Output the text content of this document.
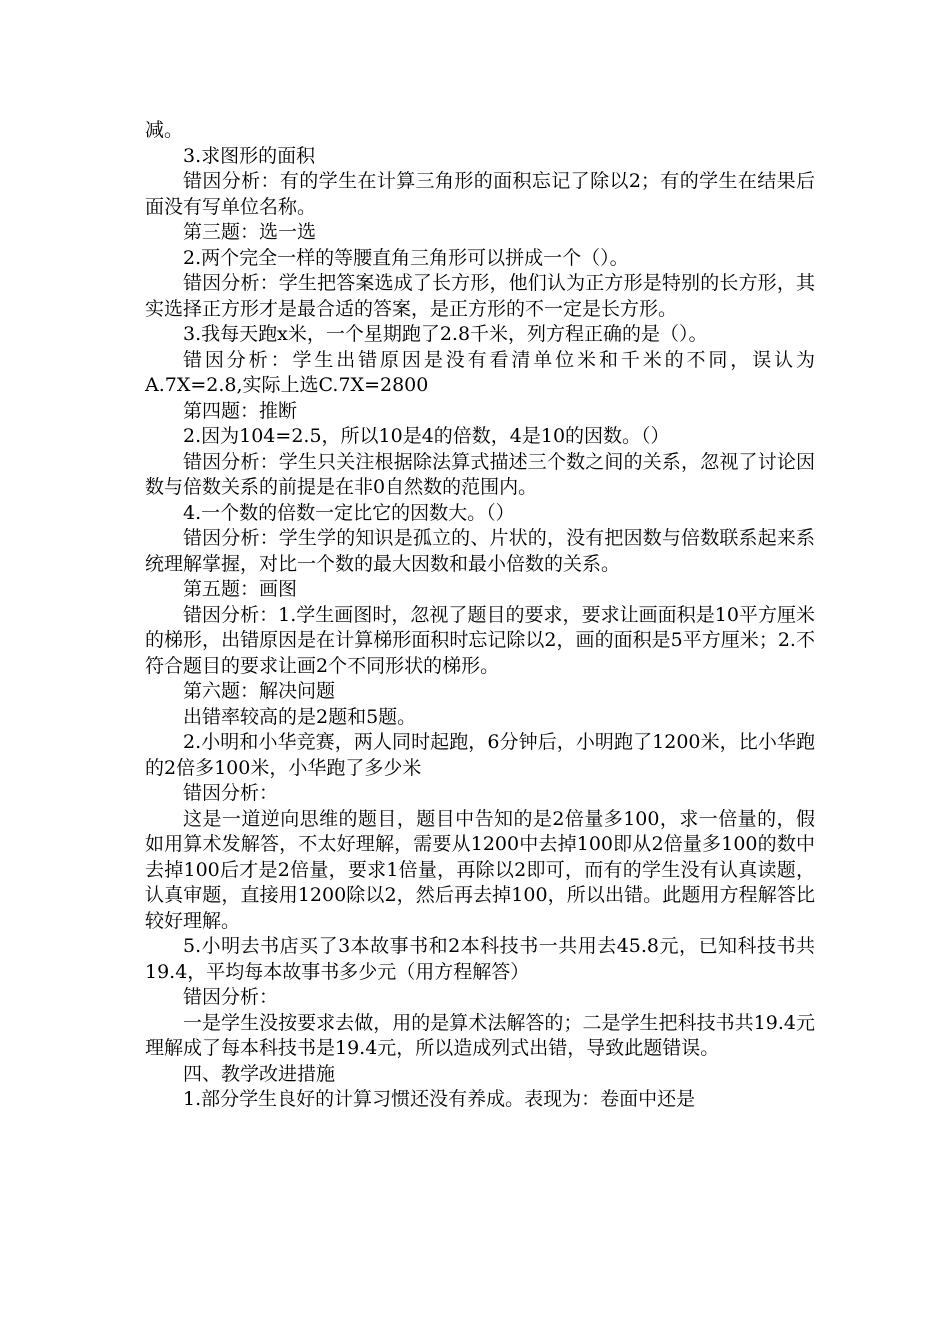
减。

3.求图形的面积

错因分析：有的学生在计算三角形的面积忘记了除以2；有的学生在结果后面没有写单位名称。

第三题：选一选

2.两个完全一样的等腰直角三角形可以拼成一个（）。

错因分析：学生把答案选成了长方形，他们认为正方形是特别的长方形，其实选择正方形才是最合适的答案，是正方形的不一定是长方形。

3.我每天跑x米，一个星期跑了2.8千米，列方程正确的是（）。

错因分析：学生出错原因是没有看清单位米和千米的不同，误认为A.7X=2.8,实际上选C.7X=2800

第四题：推断

2.因为104=2.5，所以10是4的倍数，4是10的因数。（）

错因分析：学生只关注根据除法算式描述三个数之间的关系，忽视了讨论因数与倍数关系的前提是在非0自然数的范围内。

4.一个数的倍数一定比它的因数大。（）

错因分析：学生学的知识是孤立的、片状的，没有把因数与倍数联系起来系统理解掌握，对比一个数的最大因数和最小倍数的关系。

第五题：画图

错因分析：1.学生画图时，忽视了题目的要求，要求让画面积是10平方厘米的梯形，出错原因是在计算梯形面积时忘记除以2，画的面积是5平方厘米；2.不符合题目的要求让画2个不同形状的梯形。

第六题：解决问题

出错率较高的是2题和5题。

2.小明和小华竞赛，两人同时起跑，6分钟后，小明跑了1200米，比小华跑的2倍多100米，小华跑了多少米

错因分析：

这是一道逆向思维的题目，题目中告知的是2倍量多100，求一倍量的，假如用算术发解答，不太好理解，需要从1200中去掉100即从2倍量多100的数中去掉100后才是2倍量，要求1倍量，再除以2即可，而有的学生没有认真读题，认真审题，直接用1200除以2，然后再去掉100，所以出错。此题用方程解答比较好理解。

5.小明去书店买了3本故事书和2本科技书一共用去45.8元，已知科技书共19.4，平均每本故事书多少元（用方程解答）

错因分析：

一是学生没按要求去做，用的是算术法解答的；二是学生把科技书共19.4元理解成了每本科技书是19.4元，所以造成列式出错，导致此题错误。

四、教学改进措施

1.部分学生良好的计算习惯还没有养成。表现为：卷面中还是
